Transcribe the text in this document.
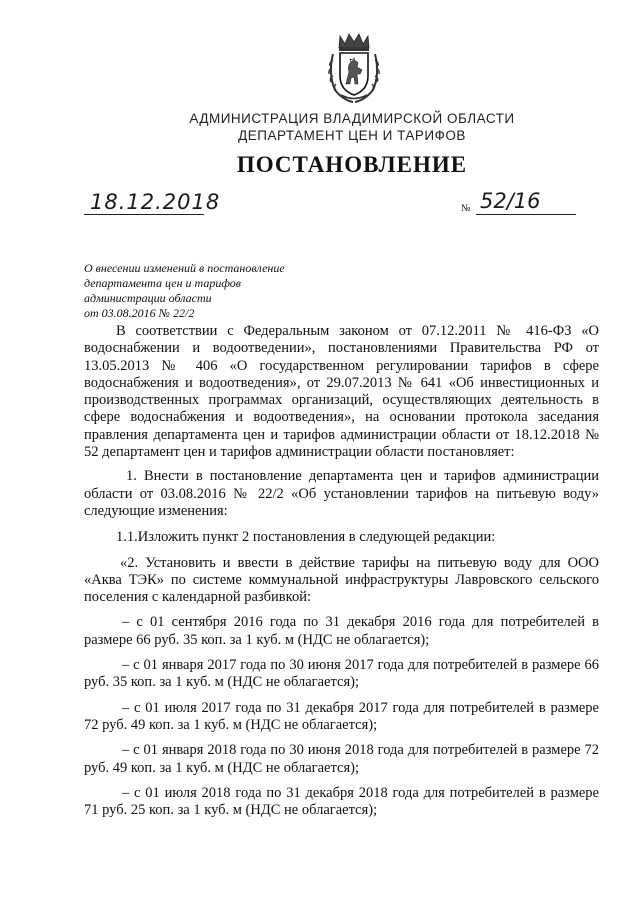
АДМИНИСТРАЦИЯ ВЛАДИМИРСКОЙ ОБЛАСТИ
ДЕПАРТАМЕНТ ЦЕН И ТАРИФОВ
ПОСТАНОВЛЕНИЕ
18.12.2018	№ 52/16
О внесении изменений в постановление
департамента цен и тарифов
администрации области
от 03.08.2016 № 22/2

В соответствии с Федеральным законом от 07.12.2011 № 416-ФЗ «О водоснабжении и водоотведении», постановлениями Правительства РФ от 13.05.2013 № 406 «О государственном регулировании тарифов в сфере водоснабжения и водоотведения», от 29.07.2013 № 641 «Об инвестиционных и производственных программах организаций, осуществляющих деятельность в сфере водоснабжения и водоотведения», на основании протокола заседания правления департамента цен и тарифов администрации области от 18.12.2018 № 52 департамент цен и тарифов администрации области постановляет:

1. Внести в постановление департамента цен и тарифов администрации области от 03.08.2016 № 22/2 «Об установлении тарифов на питьевую воду» следующие изменения:

1.1.Изложить пункт 2 постановления в следующей редакции:

«2. Установить и ввести в действие тарифы на питьевую воду для ООО «Аква ТЭК» по системе коммунальной инфраструктуры Лавровского сельского поселения с календарной разбивкой:

– с 01 сентября 2016 года по 31 декабря 2016 года для потребителей в размере 66 руб. 35 коп. за 1 куб. м (НДС не облагается);

– с 01 января 2017 года по 30 июня 2017 года для потребителей в размере 66 руб. 35 коп. за 1 куб. м (НДС не облагается);

– с 01 июля 2017 года по 31 декабря 2017 года для потребителей в размере 72 руб. 49 коп. за 1 куб. м (НДС не облагается);

– с 01 января 2018 года по 30 июня 2018 года для потребителей в размере 72 руб. 49 коп. за 1 куб. м (НДС не облагается);

– с 01 июля 2018 года по 31 декабря 2018 года для потребителей в размере 71 руб. 25 коп. за 1 куб. м (НДС не облагается);
